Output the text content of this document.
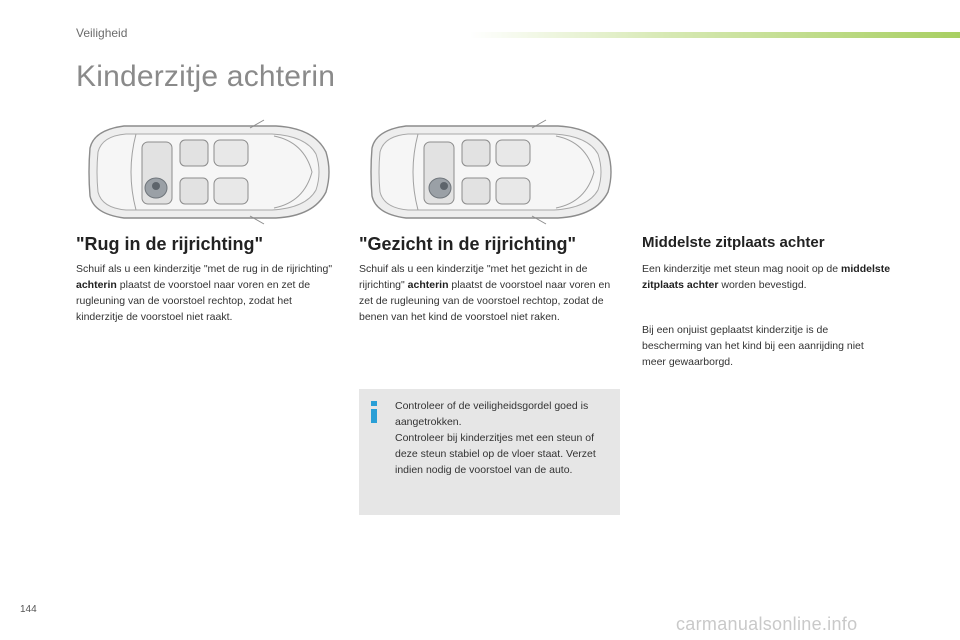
Veiligheid
Kinderzitje achterin
"Rug in de rijrichting"

Schuif als u een kinderzitje "met de rug in de rijrichting" achterin plaatst de voorstoel naar voren en zet de rugleuning van de voorstoel rechtop, zodat het kinderzitje de voorstoel niet raakt.

"Gezicht in de rijrichting"

Schuif als u een kinderzitje "met het gezicht in de rijrichting" achterin plaatst de voorstoel naar voren en zet de rugleuning van de voorstoel rechtop, zodat de benen van het kind de voorstoel niet raken.

Middelste zitplaats achter

Een kinderzitje met steun mag nooit op de middelste zitplaats achter worden bevestigd.

Bij een onjuist geplaatst kinderzitje is de bescherming van het kind bij een aanrijding niet meer gewaarborgd.

Controleer of de veiligheidsgordel goed is aangetrokken.
Controleer bij kinderzitjes met een steun of deze steun stabiel op de vloer staat. Verzet indien nodig de voorstoel van de auto.

144
carmanualsonline.info
